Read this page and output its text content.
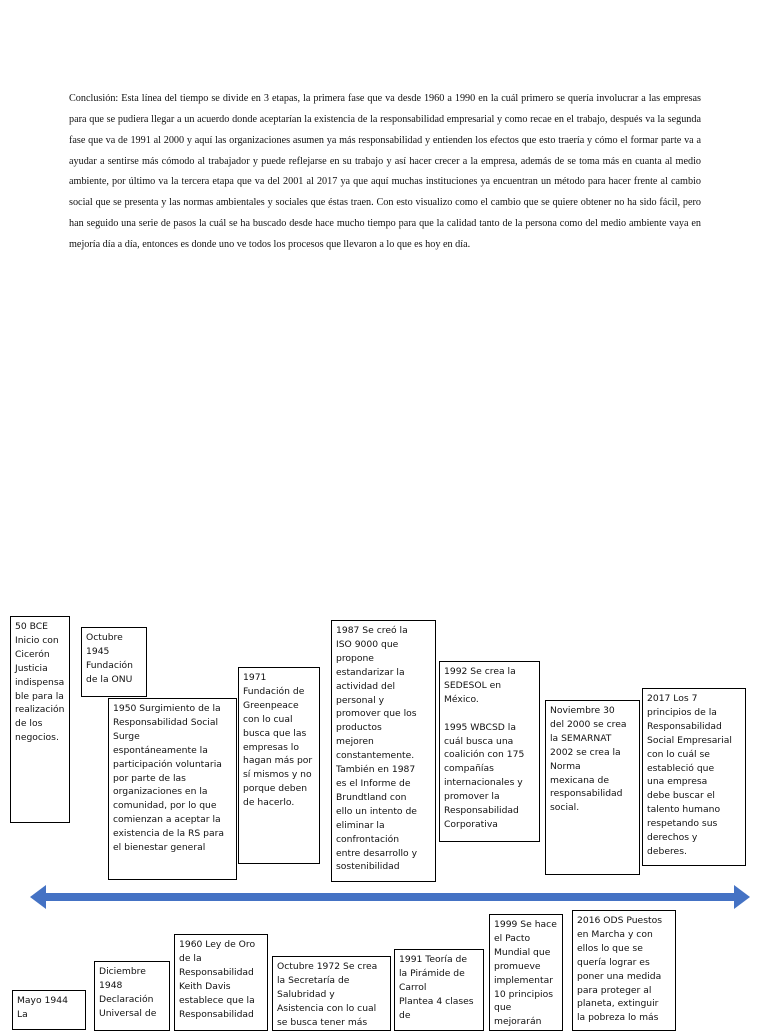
Conclusión: Esta línea del tiempo se divide en 3 etapas, la primera fase que va desde 1960 a 1990 en la cuál primero se quería involucrar a las empresas para que se pudiera llegar a un acuerdo donde aceptarían la existencia de la responsabilidad empresarial y como recae en el trabajo, después va la segunda fase que va de 1991 al 2000 y aquí las organizaciones asumen ya más responsabilidad y entienden los efectos que esto traería y cómo el formar parte va a ayudar a sentirse más cómodo al trabajador y puede reflejarse en su trabajo y así hacer crecer a la empresa, además de se toma más en cuanta al medio ambiente, por último va la tercera etapa que va del 2001 al 2017 ya que aquí muchas instituciones ya encuentran un método para hacer frente al cambio social que se presenta y las normas ambientales y sociales que éstas traen. Con esto visualizo como el cambio que se quiere obtener no ha sido fácil, pero han seguido una serie de pasos la cuál se ha buscado desde hace mucho tiempo para que la calidad tanto de la persona como del medio ambiente vaya en mejoría día a día, entonces es donde uno ve todos los procesos que llevaron a lo que es hoy en día.

50 BCE
Inicio con
Cicerón
Justicia
indispensa
ble para la
realización
de los
negocios.
Octubre
1945
Fundación
de la ONU
1950 Surgimiento de la
Responsabilidad Social
Surge
espontáneamente la
participación voluntaria
por parte de las
organizaciones en la
comunidad, por lo que
comienzan a aceptar la
existencia de la RS para
el bienestar general
1971
Fundación de
Greenpeace
con lo cual
busca que las
empresas lo
hagan más por
sí mismos y no
porque deben
de hacerlo.
1987 Se creó la
ISO 9000 que
propone
estandarizar la
actividad del
personal y
promover que los
productos
mejoren
constantemente.
También en 1987
es el Informe de
Brundtland con
ello un intento de
eliminar la
confrontación
entre desarrollo y
sostenibilidad
1992 Se crea la
SEDESOL en
México.

1995 WBCSD la
cuál busca una
coalición con 175
compañías
internacionales y
promover la
Responsabilidad
Corporativa
Noviembre 30
del 2000 se crea
la SEMARNAT
2002 se crea la
Norma
mexicana de
responsabilidad
social.
2017 Los 7
principios de la
Responsabilidad
Social Empresarial
con lo cuál se
estableció que
una empresa
debe buscar el
talento humano
respetando sus
derechos y
deberes.
Mayo 1944
La
Diciembre
1948
Declaración
Universal de
1960 Ley de Oro
de la
Responsabilidad
Keith Davis
establece que la
Responsabilidad
Octubre 1972 Se crea
la Secretaría de
Salubridad y
Asistencia con lo cual
se busca tener más
1991 Teoría de
la Pirámide de
Carrol
Plantea 4 clases
de
1999 Se hace
el Pacto
Mundial que
promueve
implementar
10 principios
que
mejorarán
2016 ODS Puestos
en Marcha y con
ellos lo que se
quería lograr es
poner una medida
para proteger al
planeta, extinguir
la pobreza lo más
